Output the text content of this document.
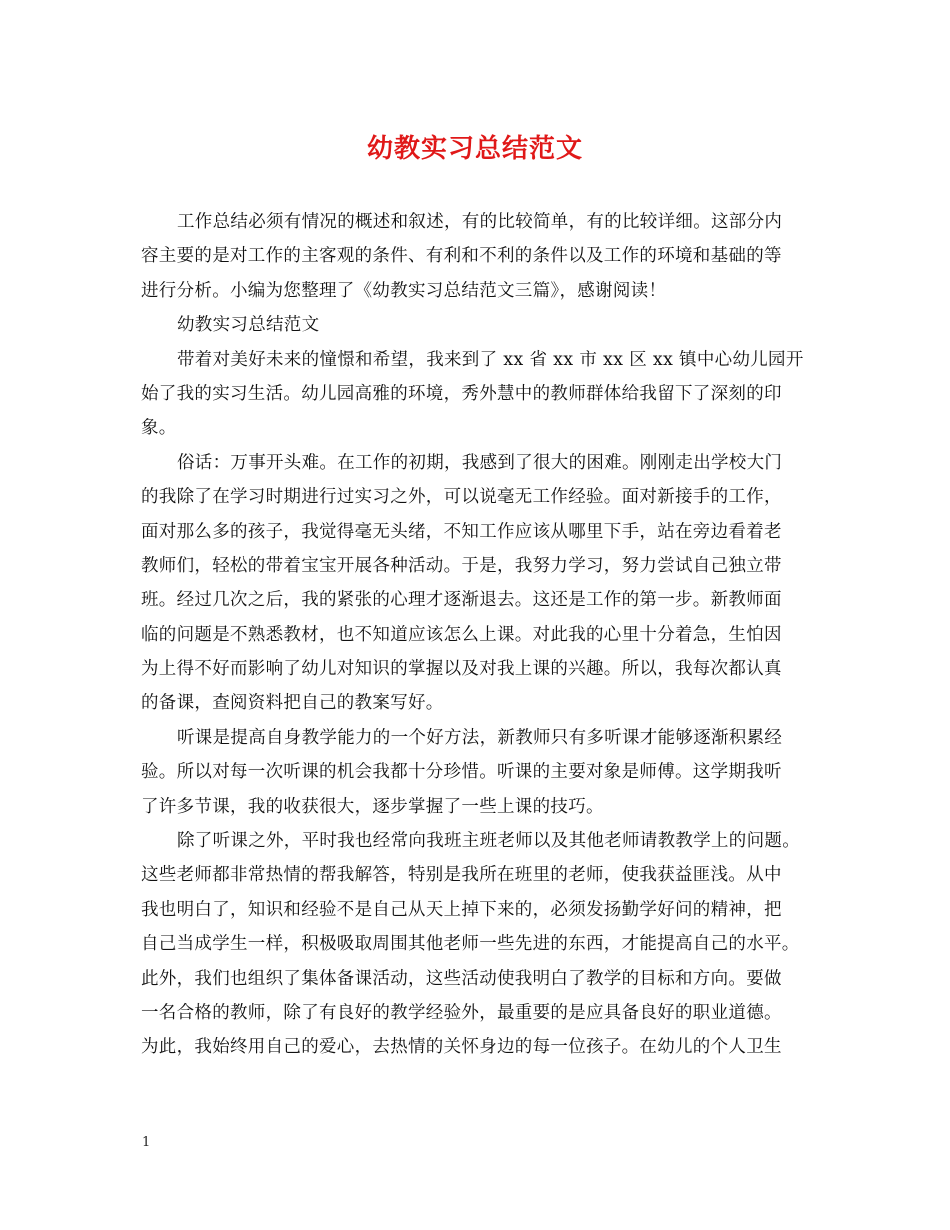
幼教实习总结范文
工作总结必须有情况的概述和叙述，有的比较简单，有的比较详细。这部分内
容主要的是对工作的主客观的条件、有利和不利的条件以及工作的环境和基础的等
进行分析。小编为您整理了《幼教实习总结范文三篇》，感谢阅读！
幼教实习总结范文
带着对美好未来的憧憬和希望，我来到了 xx 省 xx 市 xx 区 xx 镇中心幼儿园开
始了我的实习生活。幼儿园高雅的环境，秀外慧中的教师群体给我留下了深刻的印
象。
俗话：万事开头难。在工作的初期，我感到了很大的困难。刚刚走出学校大门
的我除了在学习时期进行过实习之外，可以说毫无工作经验。面对新接手的工作，
面对那么多的孩子，我觉得毫无头绪，不知工作应该从哪里下手，站在旁边看着老
教师们，轻松的带着宝宝开展各种活动。于是，我努力学习，努力尝试自己独立带
班。经过几次之后，我的紧张的心理才逐渐退去。这还是工作的第一步。新教师面
临的问题是不熟悉教材，也不知道应该怎么上课。对此我的心里十分着急，生怕因
为上得不好而影响了幼儿对知识的掌握以及对我上课的兴趣。所以，我每次都认真
的备课，查阅资料把自己的教案写好。
听课是提高自身教学能力的一个好方法，新教师只有多听课才能够逐渐积累经
验。所以对每一次听课的机会我都十分珍惜。听课的主要对象是师傅。这学期我听
了许多节课，我的收获很大，逐步掌握了一些上课的技巧。
除了听课之外，平时我也经常向我班主班老师以及其他老师请教教学上的问题。
这些老师都非常热情的帮我解答，特别是我所在班里的老师，使我获益匪浅。从中
我也明白了，知识和经验不是自己从天上掉下来的，必须发扬勤学好问的精神，把
自己当成学生一样，积极吸取周围其他老师一些先进的东西，才能提高自己的水平。
此外，我们也组织了集体备课活动，这些活动使我明白了教学的目标和方向。要做
一名合格的教师，除了有良好的教学经验外，最重要的是应具备良好的职业道德。
为此，我始终用自己的爱心，去热情的关怀身边的每一位孩子。在幼儿的个人卫生
1
